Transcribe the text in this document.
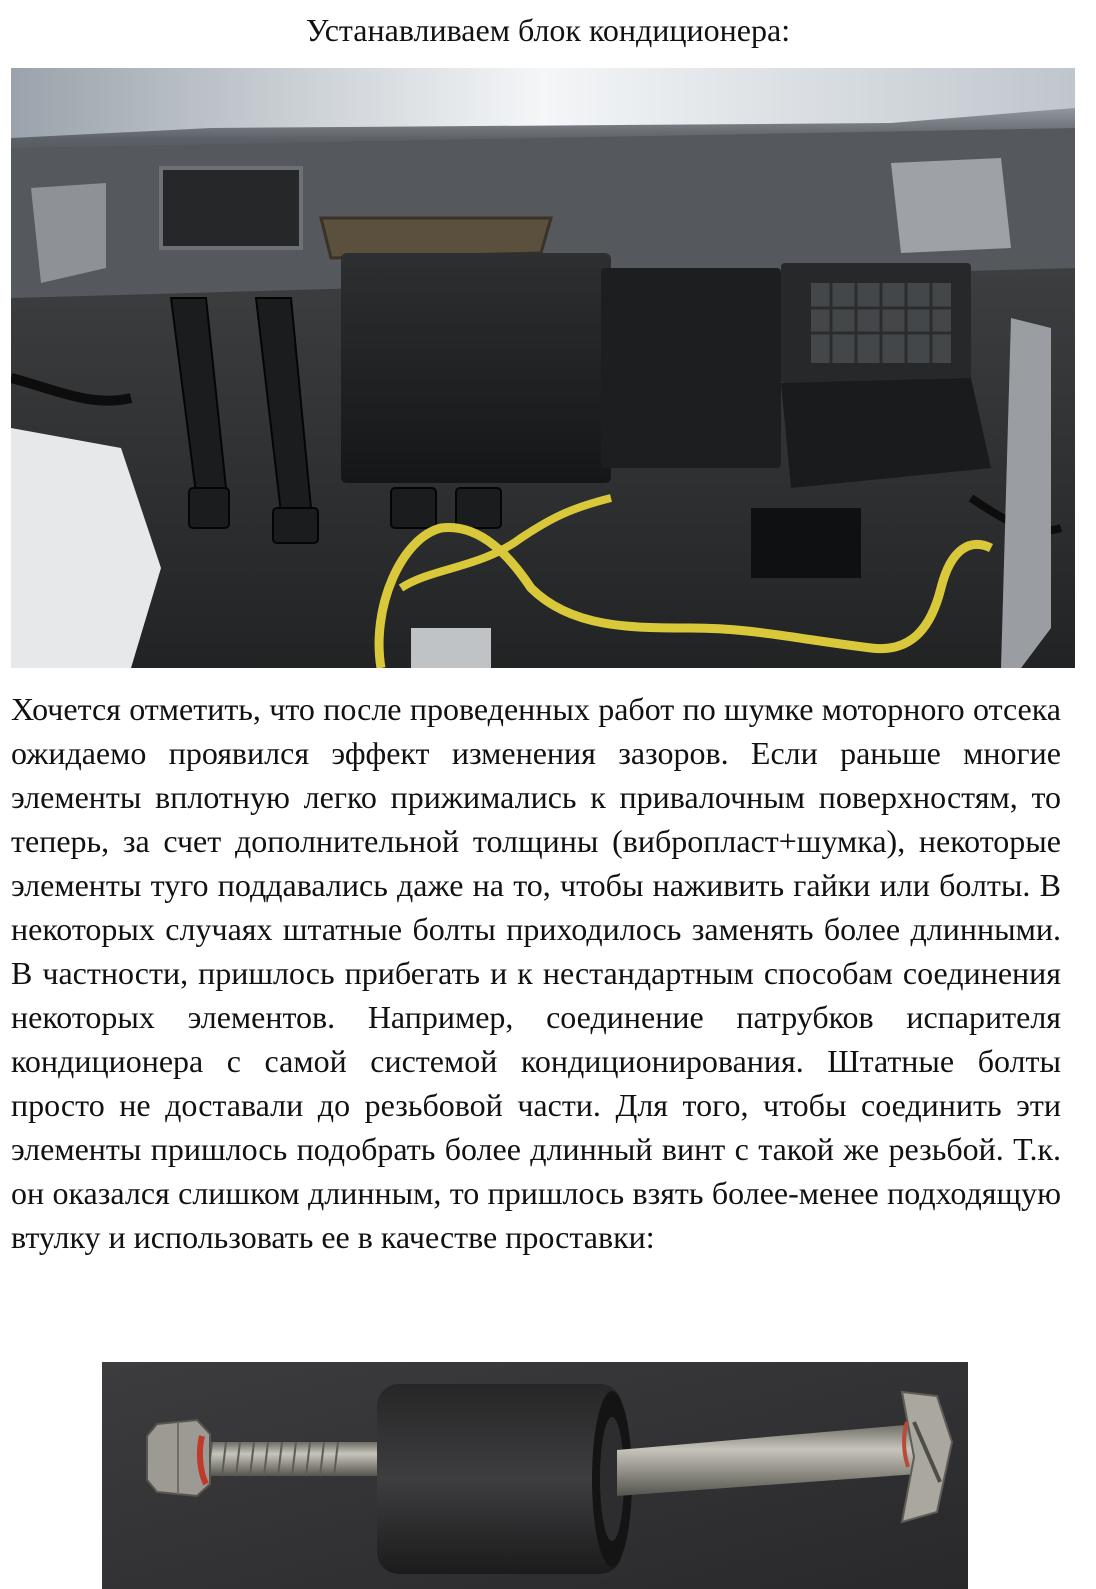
Устанавливаем блок кондиционера:

Хочется отметить, что после проведенных работ по шумке моторного отсека ожидаемо проявился эффект изменения зазоров. Если раньше многие элементы вплотную легко прижимались к привалочным поверхностям, то теперь, за счет дополнительной толщины (вибропласт+шумка), некоторые элементы туго поддавались даже на то, чтобы наживить гайки или болты. В некоторых случаях штатные болты приходилось заменять более длинными. В частности, пришлось прибегать и к нестандартным способам соединения некоторых элементов. Например, соединение патрубков испарителя кондиционера с самой системой кондиционирования. Штатные болты просто не доставали до резьбовой части. Для того, чтобы соединить эти элементы пришлось подобрать более длинный винт с такой же резьбой. Т.к. он оказался слишком длинным, то пришлось взять более-менее подходящую втулку и использовать ее в качестве проставки:
